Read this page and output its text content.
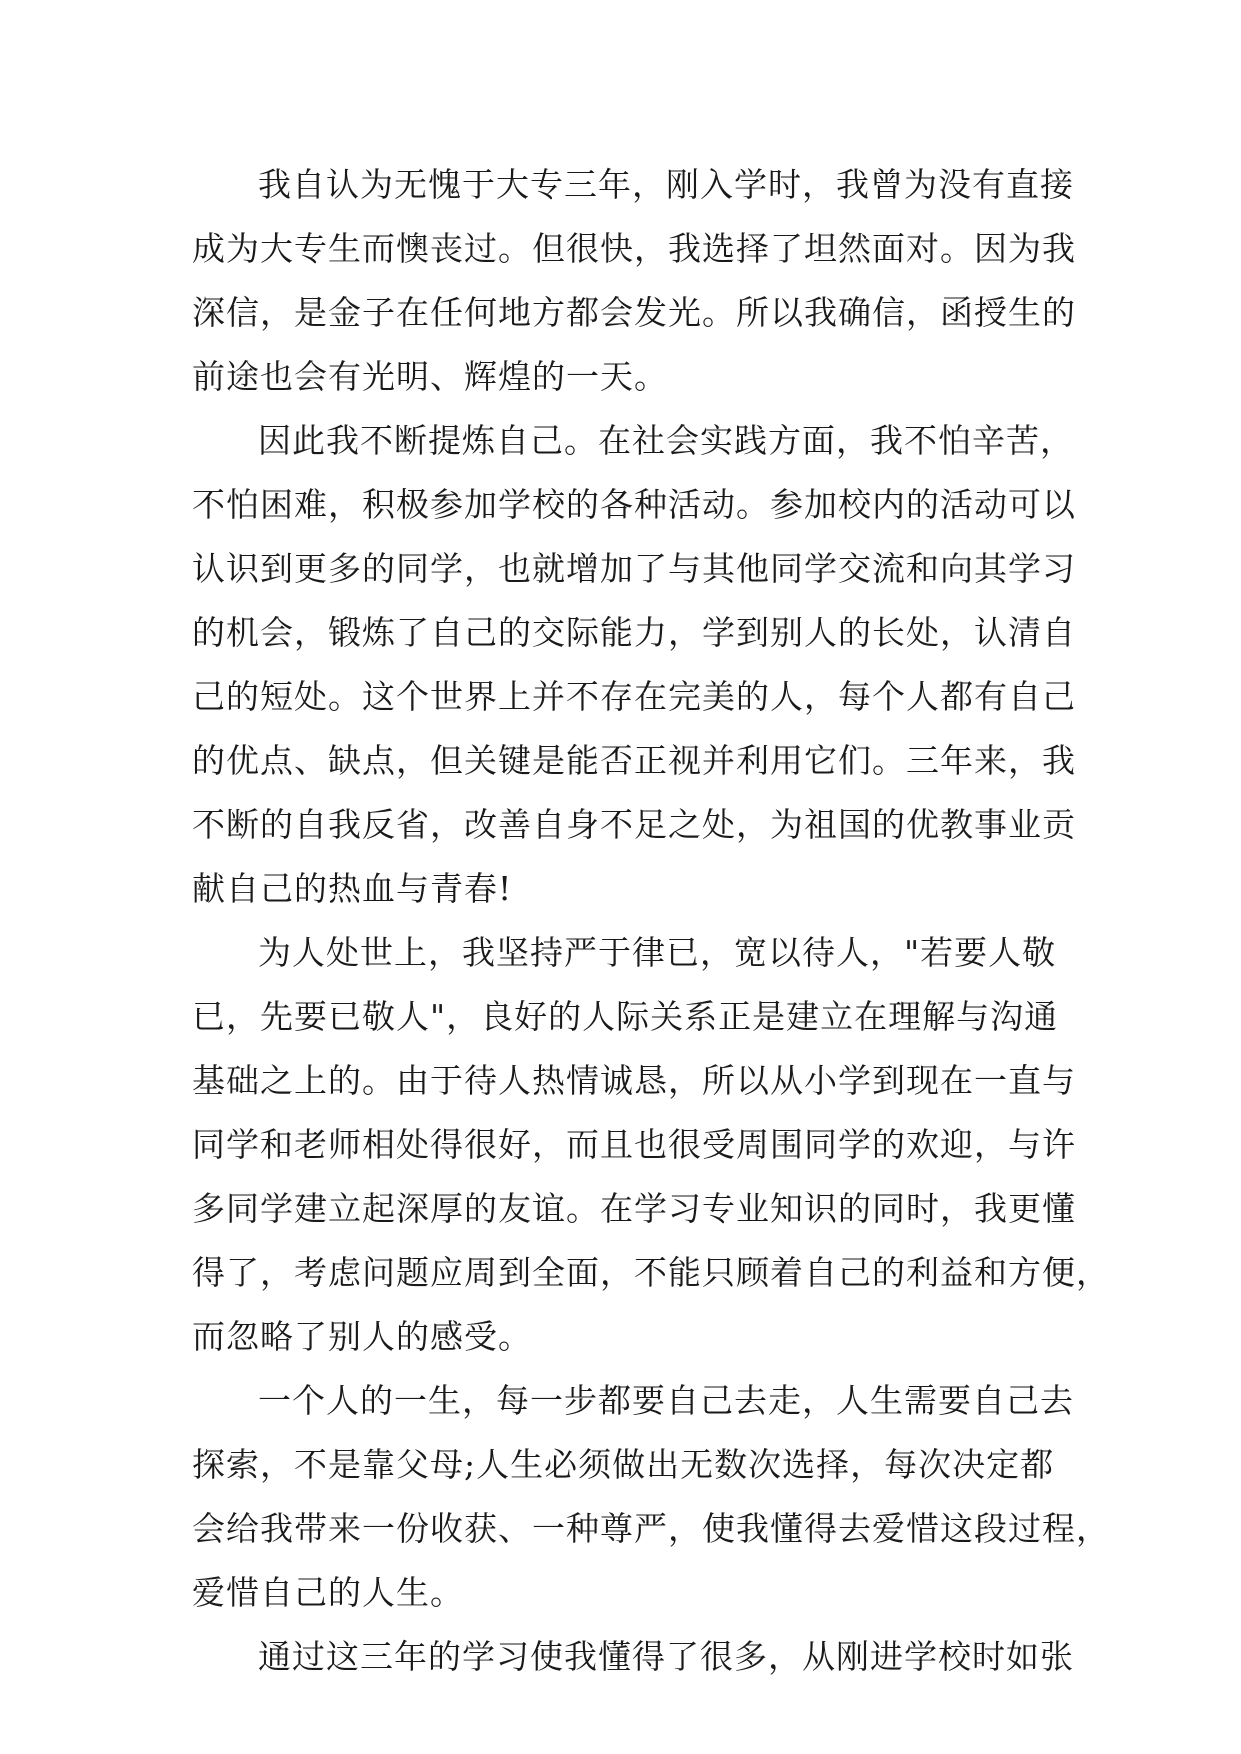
我自认为无愧于大专三年，刚入学时，我曾为没有直接
成为大专生而懊丧过。但很快，我选择了坦然面对。因为我
深信，是金子在任何地方都会发光。所以我确信，函授生的
前途也会有光明、辉煌的一天。
因此我不断提炼自己。在社会实践方面，我不怕辛苦，
不怕困难，积极参加学校的各种活动。参加校内的活动可以
认识到更多的同学，也就增加了与其他同学交流和向其学习
的机会，锻炼了自己的交际能力，学到别人的长处，认清自
己的短处。这个世界上并不存在完美的人，每个人都有自己
的优点、缺点，但关键是能否正视并利用它们。三年来，我
不断的自我反省，改善自身不足之处，为祖国的优教事业贡
献自己的热血与青春!
为人处世上，我坚持严于律已，宽以待人，"若要人敬
已，先要已敬人"，良好的人际关系正是建立在理解与沟通
基础之上的。由于待人热情诚恳，所以从小学到现在一直与
同学和老师相处得很好，而且也很受周围同学的欢迎，与许
多同学建立起深厚的友谊。在学习专业知识的同时，我更懂
得了，考虑问题应周到全面，不能只顾着自己的利益和方便，
而忽略了别人的感受。
一个人的一生，每一步都要自己去走，人生需要自己去
探索，不是靠父母;人生必须做出无数次选择，每次决定都
会给我带来一份收获、一种尊严，使我懂得去爱惜这段过程，
爱惜自己的人生。
通过这三年的学习使我懂得了很多，从刚进学校时如张
